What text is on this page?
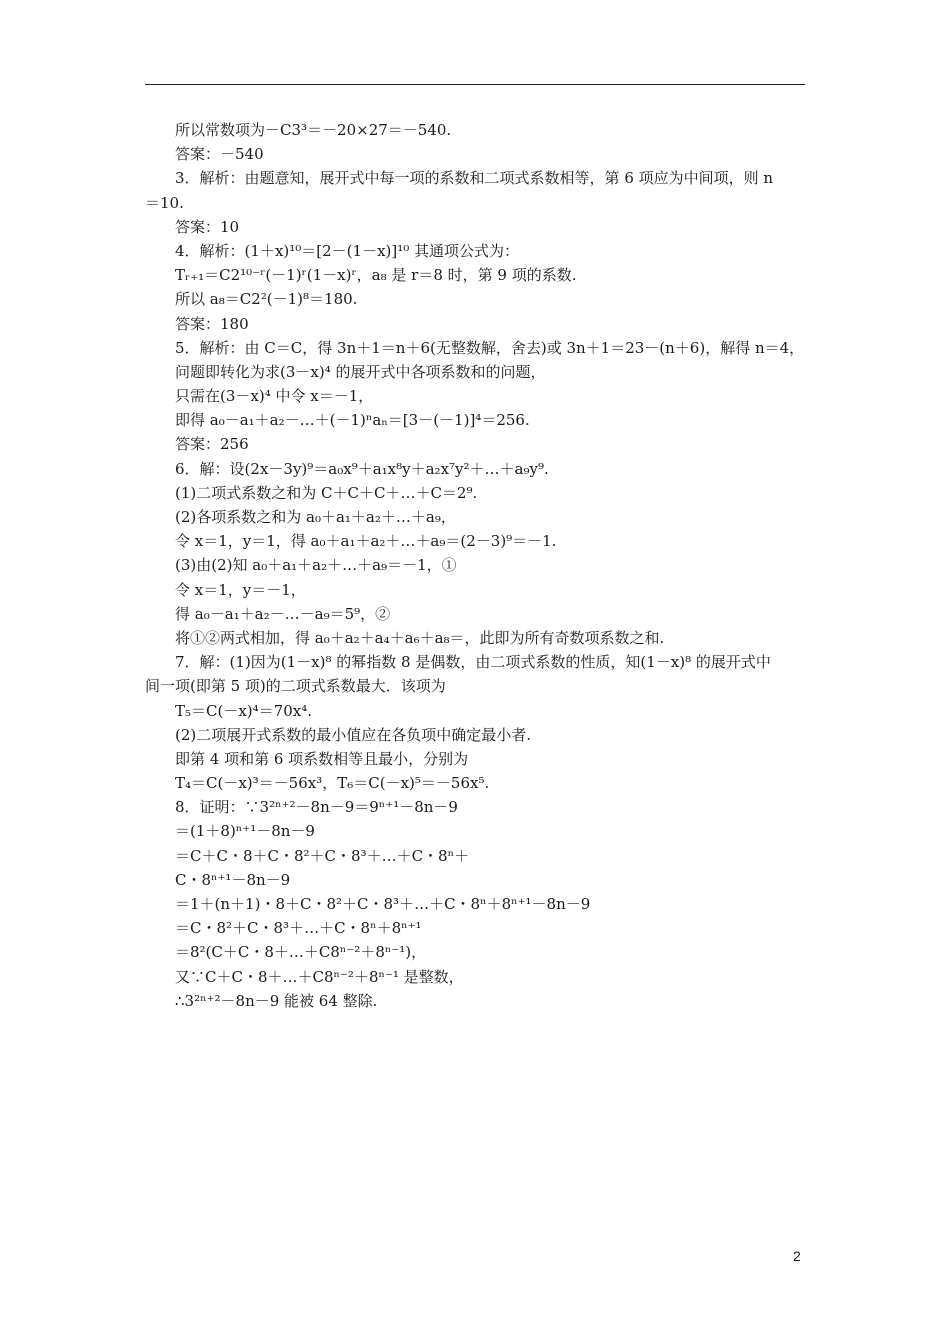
所以常数项为－C3³＝－20×27＝－540.
答案：－540
3．解析：由题意知，展开式中每一项的系数和二项式系数相等，第 6 项应为中间项，则 n
＝10.
答案：10
4．解析：(1＋x)¹⁰＝[2－(1－x)]¹⁰ 其通项公式为：
Tᵣ₊₁＝C2¹⁰⁻ʳ(－1)ʳ(1－x)ʳ，a₈ 是 r＝8 时，第 9 项的系数.
所以 a₈＝C2²(－1)⁸＝180.
答案：180
5．解析：由 C＝C，得 3n＋1＝n＋6(无整数解，舍去)或 3n＋1＝23－(n＋6)，解得 n＝4，
问题即转化为求(3－x)⁴ 的展开式中各项系数和的问题，
只需在(3－x)⁴ 中令 x＝－1，
即得 a₀－a₁＋a₂－…＋(－1)ⁿaₙ＝[3－(－1)]⁴＝256.
答案：256
6．解：设(2x－3y)⁹＝a₀x⁹＋a₁x⁸y＋a₂x⁷y²＋…＋a₉y⁹.
(1)二项式系数之和为 C＋C＋C＋…＋C＝2⁹.
(2)各项系数之和为 a₀＋a₁＋a₂＋…＋a₉，
令 x＝1，y＝1，得 a₀＋a₁＋a₂＋…＋a₉＝(2－3)⁹＝－1.
(3)由(2)知 a₀＋a₁＋a₂＋…＋a₉＝－1，①
令 x＝1，y＝－1，
得 a₀－a₁＋a₂－…－a₉＝5⁹，②
将①②两式相加，得 a₀＋a₂＋a₄＋a₆＋a₈＝，此即为所有奇数项系数之和.
7．解：(1)因为(1－x)⁸ 的幂指数 8 是偶数，由二项式系数的性质，知(1－x)⁸ 的展开式中
间一项(即第 5 项)的二项式系数最大．该项为
T₅＝C(－x)⁴＝70x⁴.
(2)二项展开式系数的最小值应在各负项中确定最小者.
即第 4 项和第 6 项系数相等且最小，分别为
T₄＝C(－x)³＝－56x³，T₆＝C(－x)⁵＝－56x⁵.
8．证明：∵3²ⁿ⁺²－8n－9＝9ⁿ⁺¹－8n－9
＝(1＋8)ⁿ⁺¹－8n－9
＝C＋C・8＋C・8²＋C・8³＋…＋C・8ⁿ＋
C・8ⁿ⁺¹－8n－9
＝1＋(n＋1)・8＋C・8²＋C・8³＋…＋C・8ⁿ＋8ⁿ⁺¹－8n－9
＝C・8²＋C・8³＋…＋C・8ⁿ＋8ⁿ⁺¹
＝8²(C＋C・8＋…＋C8ⁿ⁻²＋8ⁿ⁻¹)，
又∵C＋C・8＋…＋C8ⁿ⁻²＋8ⁿ⁻¹ 是整数，
∴3²ⁿ⁺²－8n－9 能被 64 整除.
2
